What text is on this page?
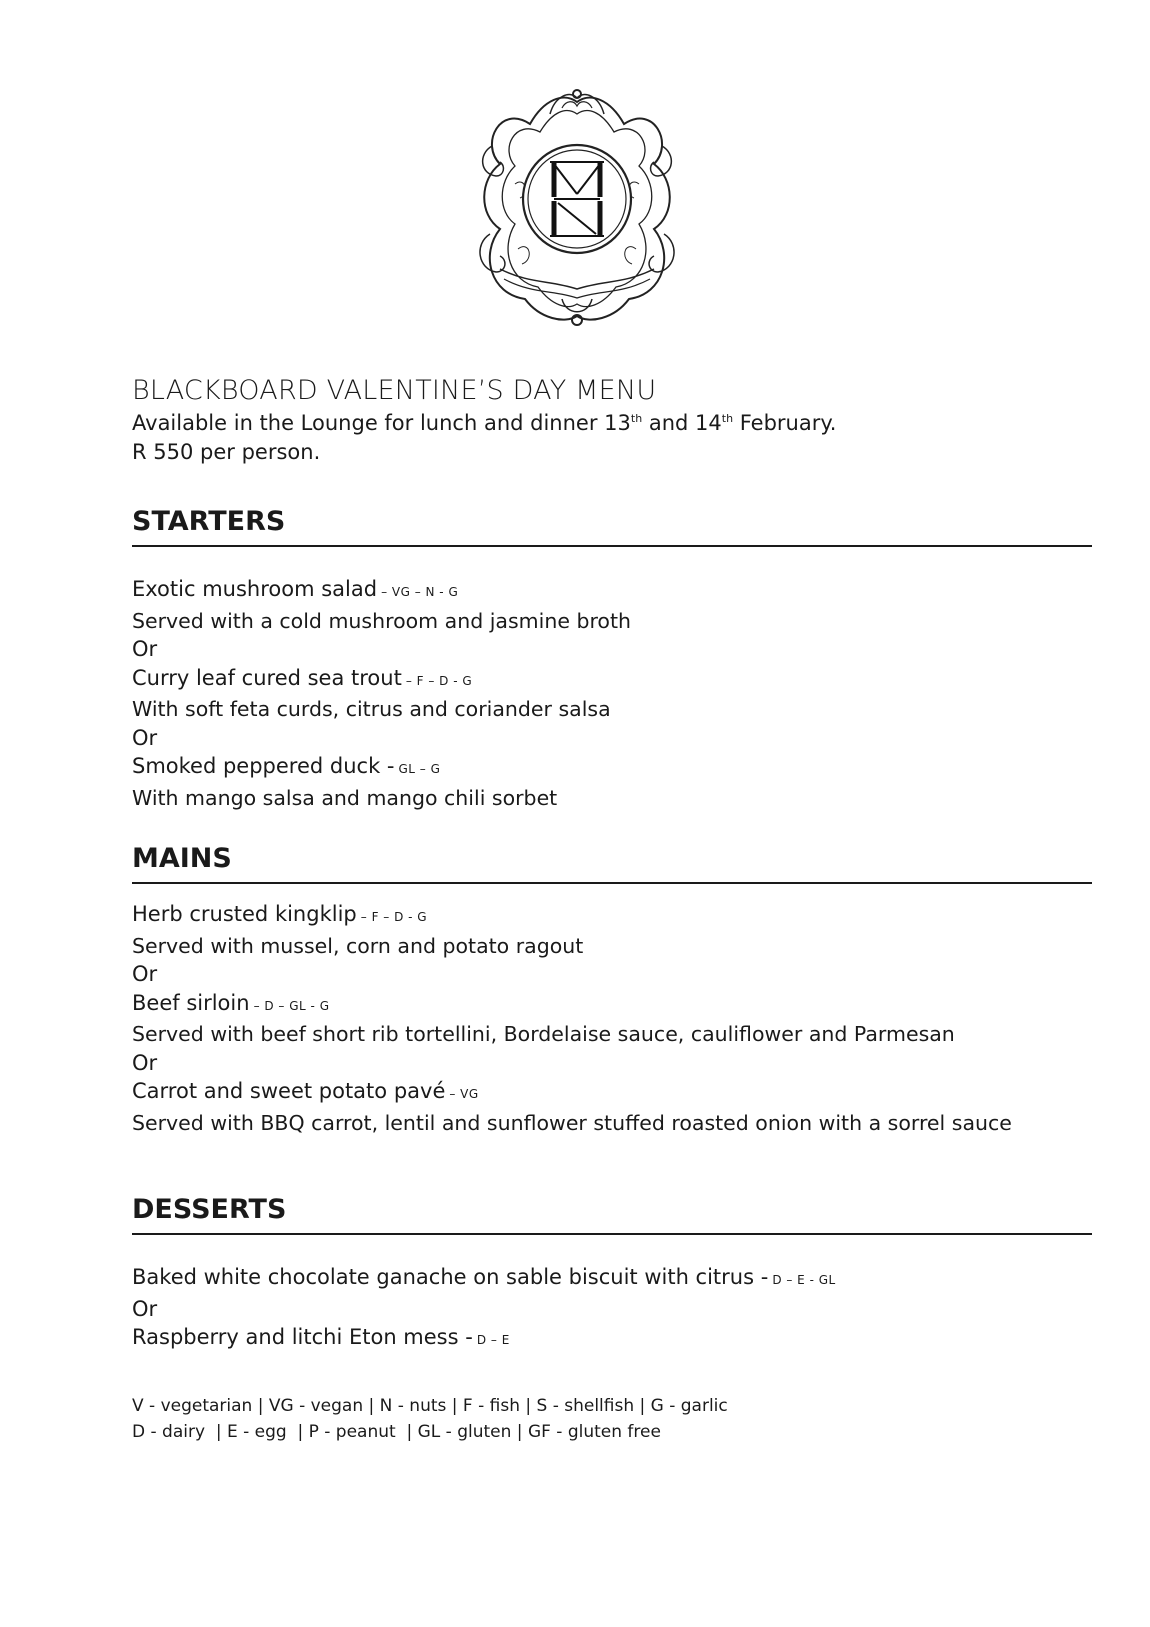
BLACKBOARD VALENTINE’S DAY MENU

Available in the Lounge for lunch and dinner 13th and 14th February.

R 550 per person.

STARTERS
Exotic mushroom salad – VG – N - G
Served with a cold mushroom and jasmine broth
Or
Curry leaf cured sea trout – F – D - G
With soft feta curds, citrus and coriander salsa
Or
Smoked peppered duck - GL – G
With mango salsa and mango chili sorbet
MAINS
Herb crusted kingklip – F – D - G
Served with mussel, corn and potato ragout
Or
Beef sirloin – D – GL - G
Served with beef short rib tortellini, Bordelaise sauce, cauliflower and Parmesan
Or
Carrot and sweet potato pavé – VG
Served with BBQ carrot, lentil and sunflower stuffed roasted onion with a sorrel sauce
DESSERTS
Baked white chocolate ganache on sable biscuit with citrus - D – E - GL
Or
Raspberry and litchi Eton mess - D – E
V - vegetarian | VG - vegan | N - nuts | F - fish | S - shellfish | G - garlic
D - dairy  | E - egg  | P - peanut  | GL - gluten | GF - gluten free
